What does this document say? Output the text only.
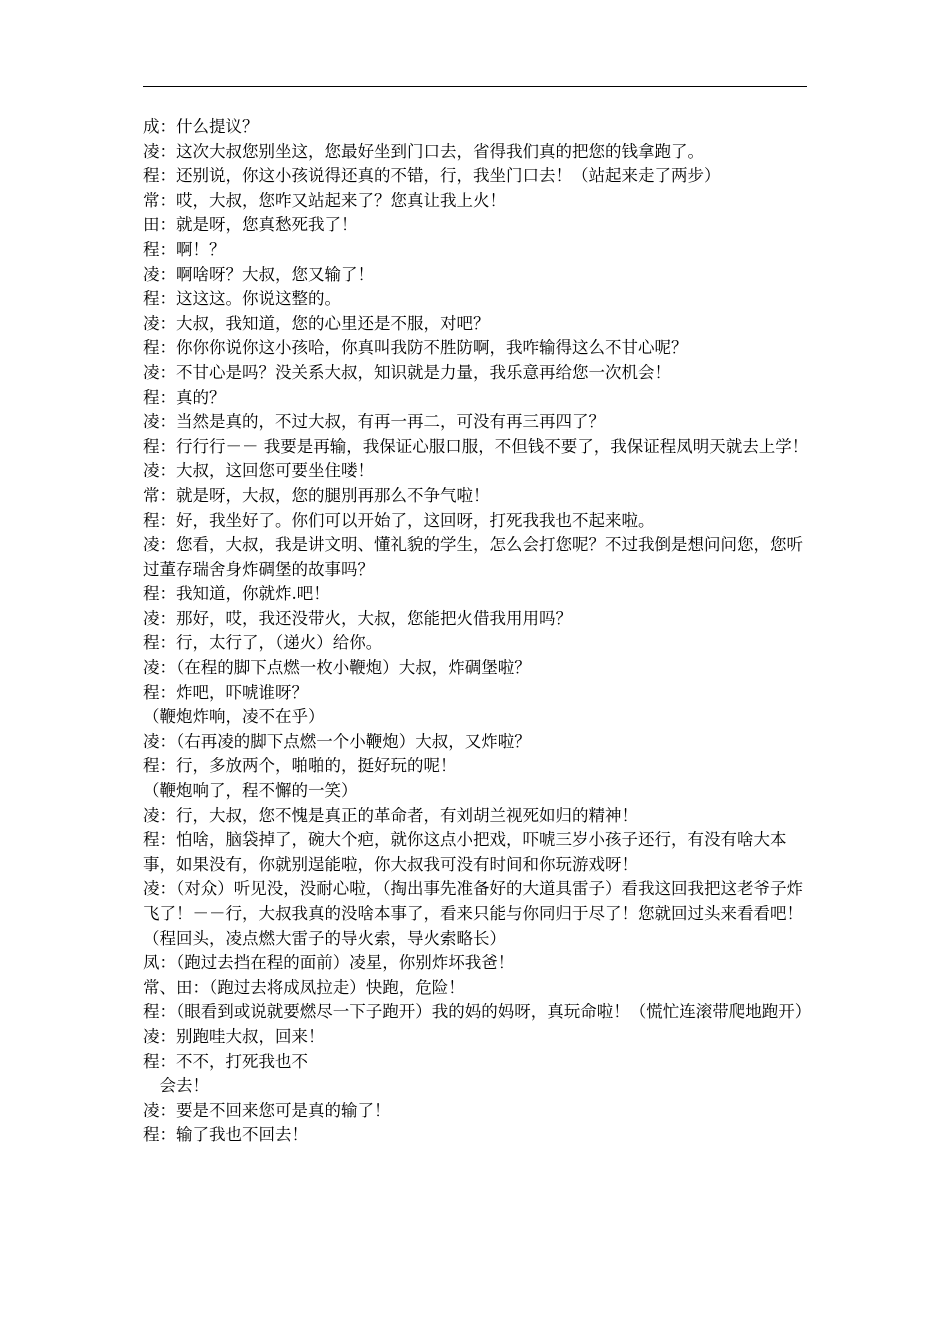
成：什么提议？

凌：这次大叔您别坐这，您最好坐到门口去，省得我们真的把您的钱拿跑了。

程：还别说，你这小孩说得还真的不错，行，我坐门口去！（站起来走了两步）

常：哎，大叔，您咋又站起来了？您真让我上火！

田：就是呀，您真愁死我了！

程：啊！？

凌：啊啥呀？大叔，您又输了！

程：这这这。你说这整的。

凌：大叔，我知道，您的心里还是不服，对吧？

程：你你你说你这小孩哈，你真叫我防不胜防啊，我咋输得这么不甘心呢？

凌：不甘心是吗？没关系大叔，知识就是力量，我乐意再给您一次机会！

程：真的？

凌：当然是真的，不过大叔，有再一再二，可没有再三再四了？

程：行行行－－ 我要是再输，我保证心服口服，不但钱不要了，我保证程凤明天就去上学！

凌：大叔，这回您可要坐住喽！

常：就是呀，大叔，您的腿別再那么不争气啦！

程：好，我坐好了。你们可以开始了，这回呀，打死我我也不起来啦。

凌：您看，大叔，我是讲文明、懂礼貌的学生，怎么会打您呢？不过我倒是想问问您，您听过董存瑞舍身炸碉堡的故事吗？

程：我知道，你就炸.吧！

凌：那好，哎，我还没带火，大叔，您能把火借我用用吗？

程：行，太行了，（递火）给你。

凌：（在程的脚下点燃一枚小鞭炮）大叔，炸碉堡啦？

程：炸吧，吓唬谁呀？

（鞭炮炸响，凌不在乎）

凌：（右再凌的脚下点燃一个小鞭炮）大叔，又炸啦？

程：行，多放两个，啪啪的，挺好玩的呢！

（鞭炮响了，程不懈的一笑）

凌：行，大叔，您不愧是真正的革命者，有刘胡兰视死如归的精神！

程：怕啥，脑袋掉了，碗大个疤，就你这点小把戏，吓唬三岁小孩子还行，有没有啥大本事，如果没有，你就别逞能啦，你大叔我可没有时间和你玩游戏呀！

凌：（对众）听见没，没耐心啦，（掏出事先准备好的大道具雷子）看我这回我把这老爷子炸飞了！－－行，大叔我真的没啥本事了，看来只能与你同归于尽了！您就回过头来看看吧！（程回头，凌点燃大雷子的导火索，导火索略长）

凤：（跑过去挡在程的面前）凌星，你别炸坏我爸！

常、田：（跑过去将成凤拉走）快跑，危险！

程：（眼看到或说就要燃尽一下子跑开）我的妈的妈呀，真玩命啦！（慌忙连滚带爬地跑开）

凌：别跑哇大叔，回来！

程：不不，打死我也不

　会去！

凌：要是不回来您可是真的输了！

程：输了我也不回去！
